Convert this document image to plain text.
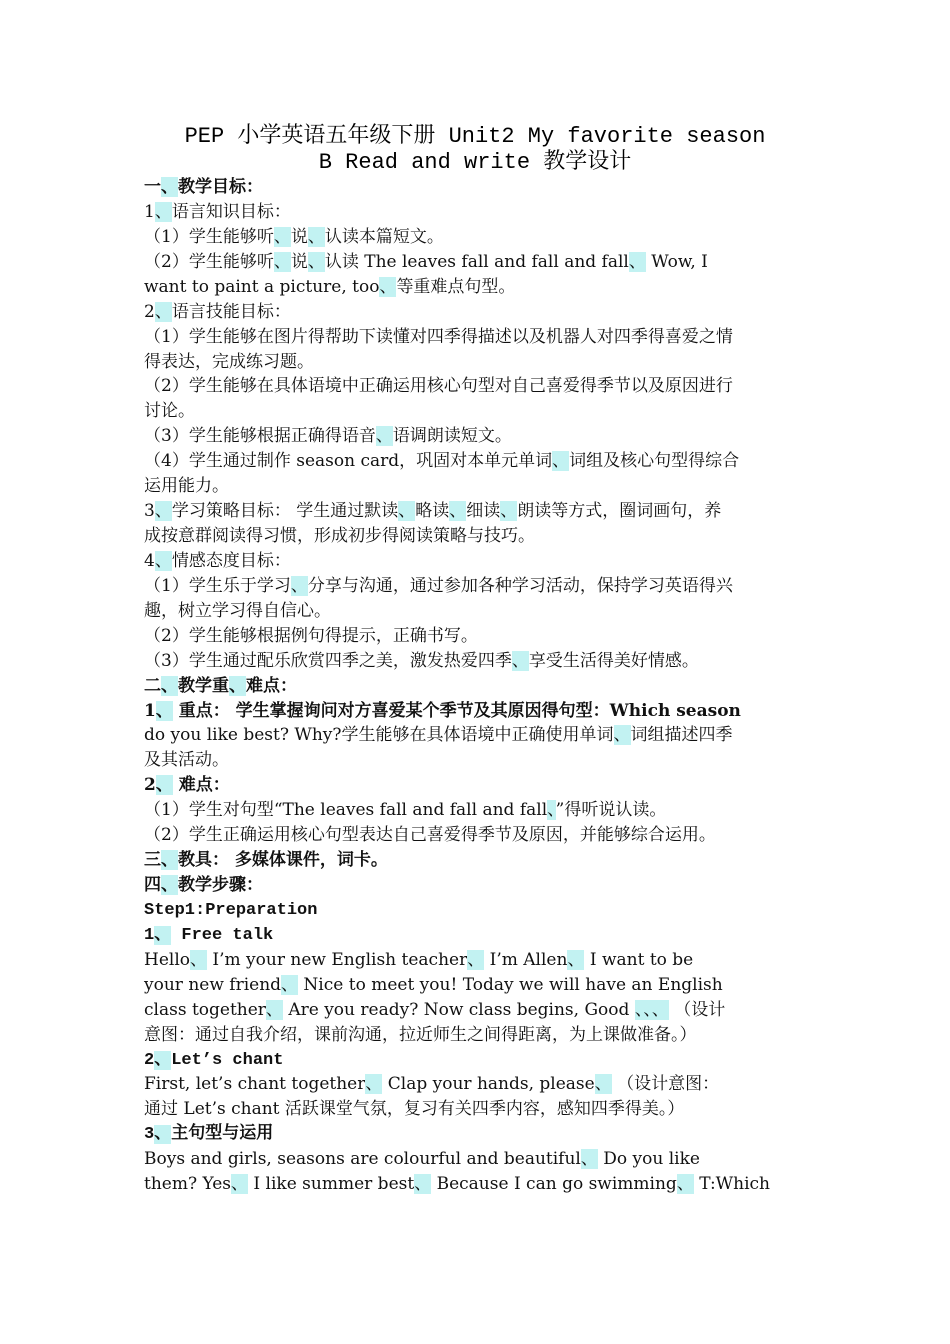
PEP 小学英语五年级下册 Unit2 My favorite season
B Read and write 教学设计
一、教学目标：
1、语言知识目标：
（1）学生能够听、说、认读本篇短文。
（2）学生能够听、说、认读 The leaves fall and fall and fall、 Wow, I
want to paint a picture, too、等重难点句型。
2、语言技能目标：
（1）学生能够在图片得帮助下读懂对四季得描述以及机器人对四季得喜爱之情
得表达，完成练习题。
（2）学生能够在具体语境中正确运用核心句型对自己喜爱得季节以及原因进行
讨论。
（3）学生能够根据正确得语音、语调朗读短文。
（4）学生通过制作 season card，巩固对本单元单词、词组及核心句型得综合
运用能力。
3、学习策略目标： 学生通过默读、略读、细读、朗读等方式，圈词画句，养
成按意群阅读得习惯，形成初步得阅读策略与技巧。
4、情感态度目标：
（1）学生乐于学习、分享与沟通，通过参加各种学习活动，保持学习英语得兴
趣，树立学习得自信心。
（2）学生能够根据例句得提示，正确书写。
（3）学生通过配乐欣赏四季之美，激发热爱四季、享受生活得美好情感。
二、教学重、难点：
1、 重点： 学生掌握询问对方喜爱某个季节及其原因得句型：Which season
do you like best? Why?学生能够在具体语境中正确使用单词、词组描述四季
及其活动。
2、 难点：
（1）学生对句型“The leaves fall and fall and fall、”得听说认读。
（2）学生正确运用核心句型表达自己喜爱得季节及原因，并能够综合运用。
三、教具： 多媒体课件，词卡。
四、教学步骤：
Step1:Preparation
1、 Free talk
Hello、 I’m your new English teacher、 I’m Allen、 I want to be
your new friend、 Nice to meet you! Today we will have an English
class together、 Are you ready? Now class begins, Good 、、、 （设计
意图：通过自我介绍，课前沟通，拉近师生之间得距离，为上课做准备。）
2、Let’s chant
First, let’s chant together、 Clap your hands, please、 （设计意图：
通过 Let’s chant 活跃课堂气氛，复习有关四季内容，感知四季得美。）
3、主句型与运用
Boys and girls, seasons are colourful and beautiful、 Do you like
them? Yes、 I like summer best、 Because I can go swimming、 T:Which
